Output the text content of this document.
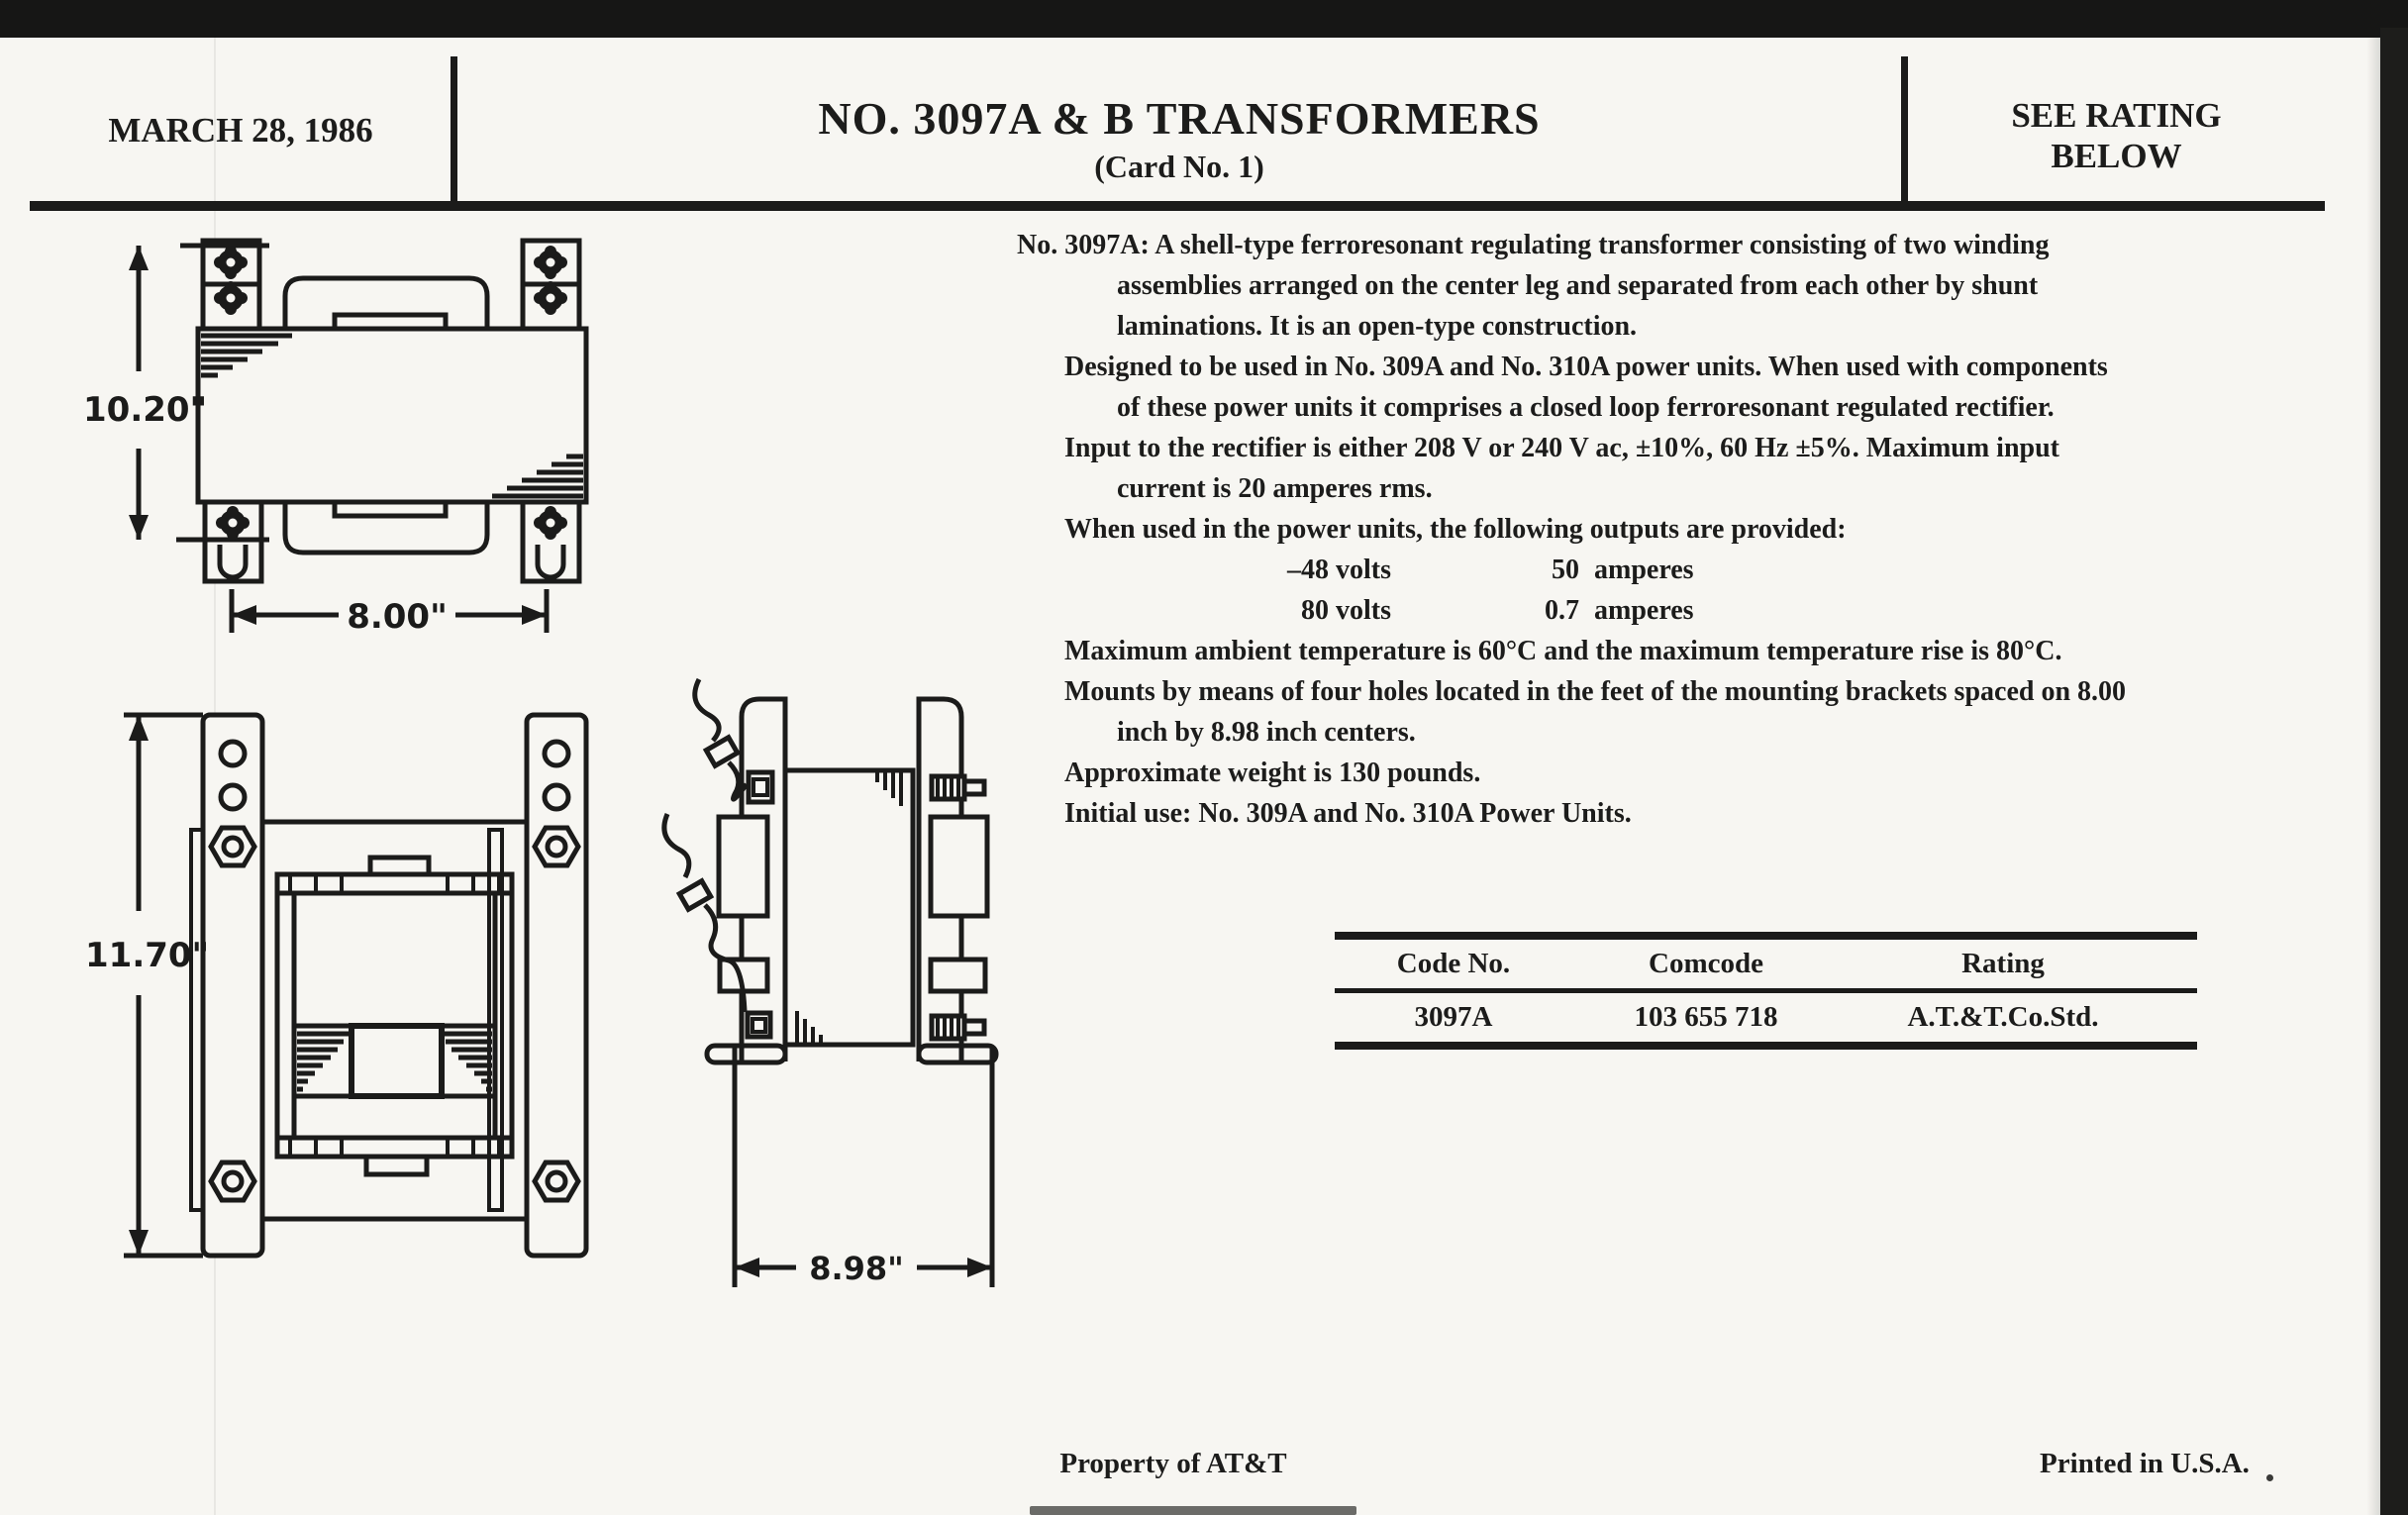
MARCH 28, 1986	NO. 3097A & B TRANSFORMERS
(Card No. 1)
SEE RATING
BELOW
No. 3097A: A shell-type ferroresonant regulating transformer consisting of two winding
assemblies arranged on the center leg and separated from each other by shunt
laminations. It is an open-type construction.
Designed to be used in No. 309A and No. 310A power units. When used with components
of these power units it comprises a closed loop ferroresonant regulated rectifier.
Input to the rectifier is either 208 V or 240 V ac, ±10%, 60 Hz ±5%. Maximum input
current is 20 amperes rms.
When used in the power units, the following outputs are provided:
–48 volts	50 amperes
80 volts	0.7 amperes
Maximum ambient temperature is 60°C and the maximum temperature rise is 80°C.
Mounts by means of four holes located in the feet of the mounting brackets spaced on 8.00
inch by 8.98 inch centers.
Approximate weight is 130 pounds.
Initial use: No. 309A and No. 310A Power Units.
Code No.	Comcode	Rating
3097A	103 655 718	A.T.&T.Co.Std.
10.20"
8.00"
11.70"
8.98"
Property of AT&T	Printed in U.S.A.
